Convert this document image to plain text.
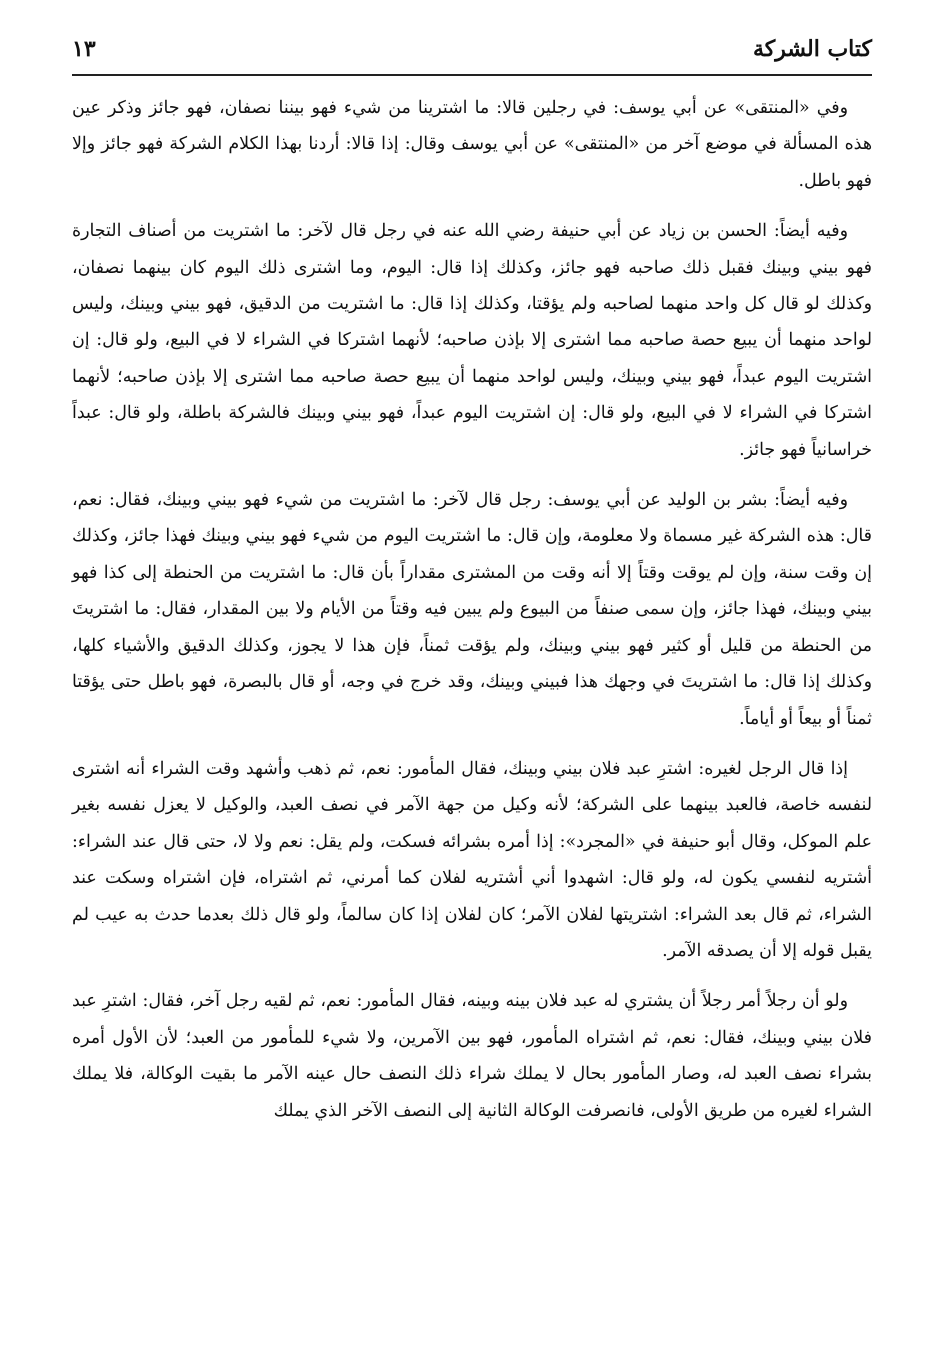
كتاب الشركة
١٣

وفي «المنتقى» عن أبي يوسف: في رجلين قالا: ما اشترينا من شيء فهو بيننا نصفان، فهو جائز وذكر عين هذه المسألة في موضع آخر من «المنتقى» عن أبي يوسف وقال: إذا قالا: أردنا بهذا الكلام الشركة فهو جائز وإلا فهو باطل.

وفيه أيضاً: الحسن بن زياد عن أبي حنيفة رضي الله عنه في رجل قال لآخر: ما اشتريت من أصناف التجارة فهو بيني وبينك فقبل ذلك صاحبه فهو جائز، وكذلك إذا قال: اليوم، وما اشترى ذلك اليوم كان بينهما نصفان، وكذلك لو قال كل واحد منهما لصاحبه ولم يؤقتا، وكذلك إذا قال: ما اشتريت من الدقيق، فهو بيني وبينك، وليس لواحد منهما أن يبيع حصة صاحبه مما اشترى إلا بإذن صاحبه؛ لأنهما اشتركا في الشراء لا في البيع، ولو قال: إن اشتريت اليوم عبداً، فهو بيني وبينك، وليس لواحد منهما أن يبيع حصة صاحبه مما اشترى إلا بإذن صاحبه؛ لأنهما اشتركا في الشراء لا في البيع، ولو قال: إن اشتريت اليوم عبداً، فهو بيني وبينك فالشركة باطلة، ولو قال: عبداً خراسانياً فهو جائز.

وفيه أيضاً: بشر بن الوليد عن أبي يوسف: رجل قال لآخر: ما اشتريت من شيء فهو بيني وبينك، فقال: نعم، قال: هذه الشركة غير مسماة ولا معلومة، وإن قال: ما اشتريت اليوم من شيء فهو بيني وبينك فهذا جائز، وكذلك إن وقت سنة، وإن لم يوقت وقتاً إلا أنه وقت من المشترى مقداراً بأن قال: ما اشتريت من الحنطة إلى كذا فهو بيني وبينك، فهذا جائز، وإن سمى صنفاً من البيوع ولم يبين فيه وقتاً من الأيام ولا بين المقدار، فقال: ما اشتريتَ من الحنطة من قليل أو كثير فهو بيني وبينك، ولم يؤقت ثمناً، فإن هذا لا يجوز، وكذلك الدقيق والأشياء كلها، وكذلك إذا قال: ما اشتريتَ في وجهك هذا فبيني وبينك، وقد خرج في وجه، أو قال بالبصرة، فهو باطل حتى يؤقتا ثمناً أو بيعاً أو أياماً.

إذا قال الرجل لغيره: اشترِ عبد فلان بيني وبينك، فقال المأمور: نعم، ثم ذهب وأشهد وقت الشراء أنه اشترى لنفسه خاصة، فالعبد بينهما على الشركة؛ لأنه وكيل من جهة الآمر في نصف العبد، والوكيل لا يعزل نفسه بغير علم الموكل، وقال أبو حنيفة في «المجرد»: إذا أمره بشرائه فسكت، ولم يقل: نعم ولا لا، حتى قال عند الشراء: أشتريه لنفسي يكون له، ولو قال: اشهدوا أني أشتريه لفلان كما أمرني، ثم اشتراه، فإن اشتراه وسكت عند الشراء، ثم قال بعد الشراء: اشتريتها لفلان الآمر؛ كان لفلان إذا كان سالماً، ولو قال ذلك بعدما حدث به عيب لم يقبل قوله إلا أن يصدقه الآمر.

ولو أن رجلاً أمر رجلاً أن يشتري له عبد فلان بينه وبينه، فقال المأمور: نعم، ثم لقيه رجل آخر، فقال: اشترِ عبد فلان بيني وبينك، فقال: نعم، ثم اشتراه المأمور، فهو بين الآمرين، ولا شيء للمأمور من العبد؛ لأن الأول أمره بشراء نصف العبد له، وصار المأمور بحال لا يملك شراء ذلك النصف حال عينه الآمر ما بقيت الوكالة، فلا يملك الشراء لغيره من طريق الأولى، فانصرفت الوكالة الثانية إلى النصف الآخر الذي يملك
